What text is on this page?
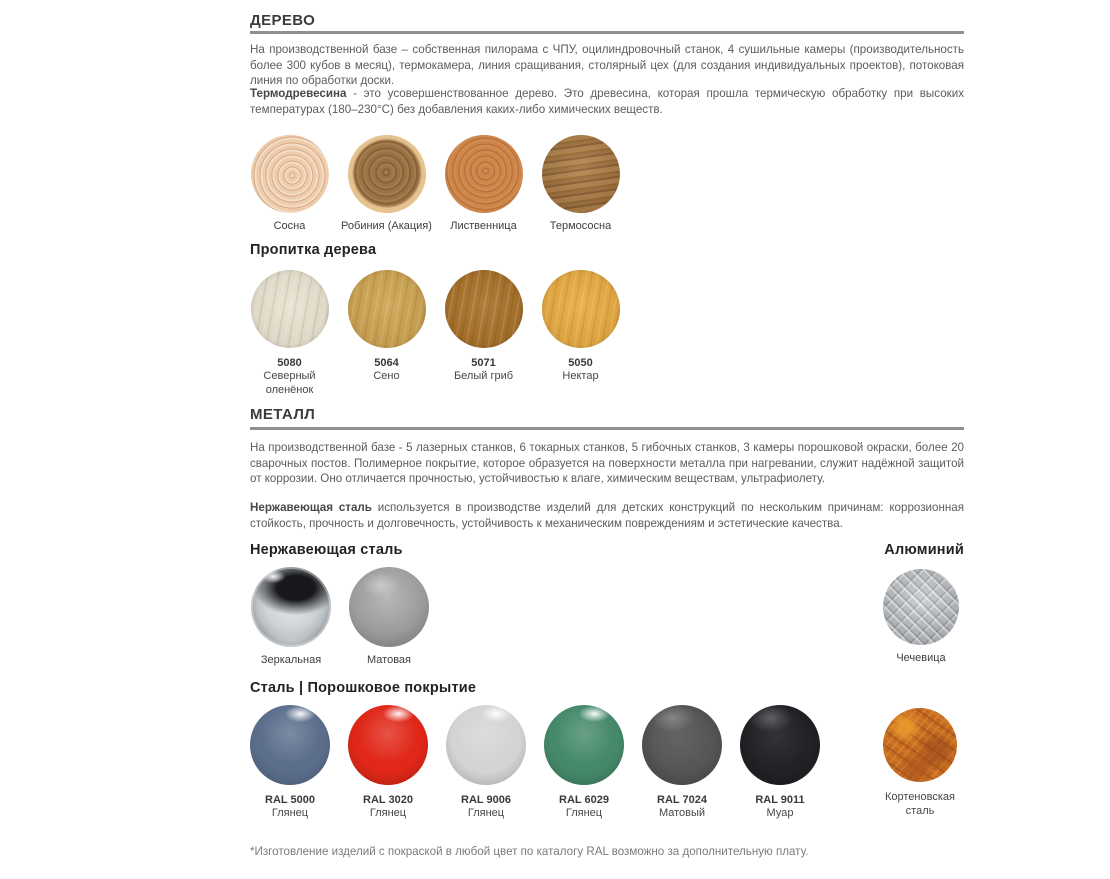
ДЕРЕВО

На производственной базе – собственная пилорама с ЧПУ, оцилиндровочный станок, 4 сушильные камеры (производительность более 300 кубов в месяц), термокамера, линия сращивания, столярный цех (для создания индивидуальных проектов), потоковая линия по обработки доски.

Термодревесина - это усовершенствованное дерево. Это древесина, которая прошла термическую обработку при высоких температурах (180–230°С) без добавления каких-либо химических веществ.

Сосна	Робиния (Акация) Лиственница	Термососна
Пропитка дерева
5080
Северный оленёнок
5064
Сено
5071
Белый гриб
5050
Нектар
МЕТАЛЛ

На производственной базе - 5 лазерных станков, 6 токарных станков, 5 гибочных станков, 3 камеры порошковой окраски, более 20 сварочных постов. Полимерное покрытие, которое образуется на поверхности металла при нагревании, служит надёжной защитой от коррозии. Оно отличается прочностью, устойчивостью к влаге, химическим веществам, ультрафиолету.

Нержавеющая сталь используется в производстве изделий для детских конструкций по нескольким причинам: коррозионная стойкость, прочность и долговечность, устойчивость к механическим повреждениям и эстетические качества.

Нержавеющая сталь	Алюминий
Зеркальная	Матовая	Чечевица
Сталь | Порошковое покрытие
RAL 5000
Глянец
RAL 3020
Глянец
RAL 9006
Глянец
RAL 6029
Глянец
RAL 7024
Матовый
RAL 9011
Муар
Кортеновская сталь

*Изготовление изделий с покраской в любой цвет по каталогу RAL возможно за дополнительную плату.
